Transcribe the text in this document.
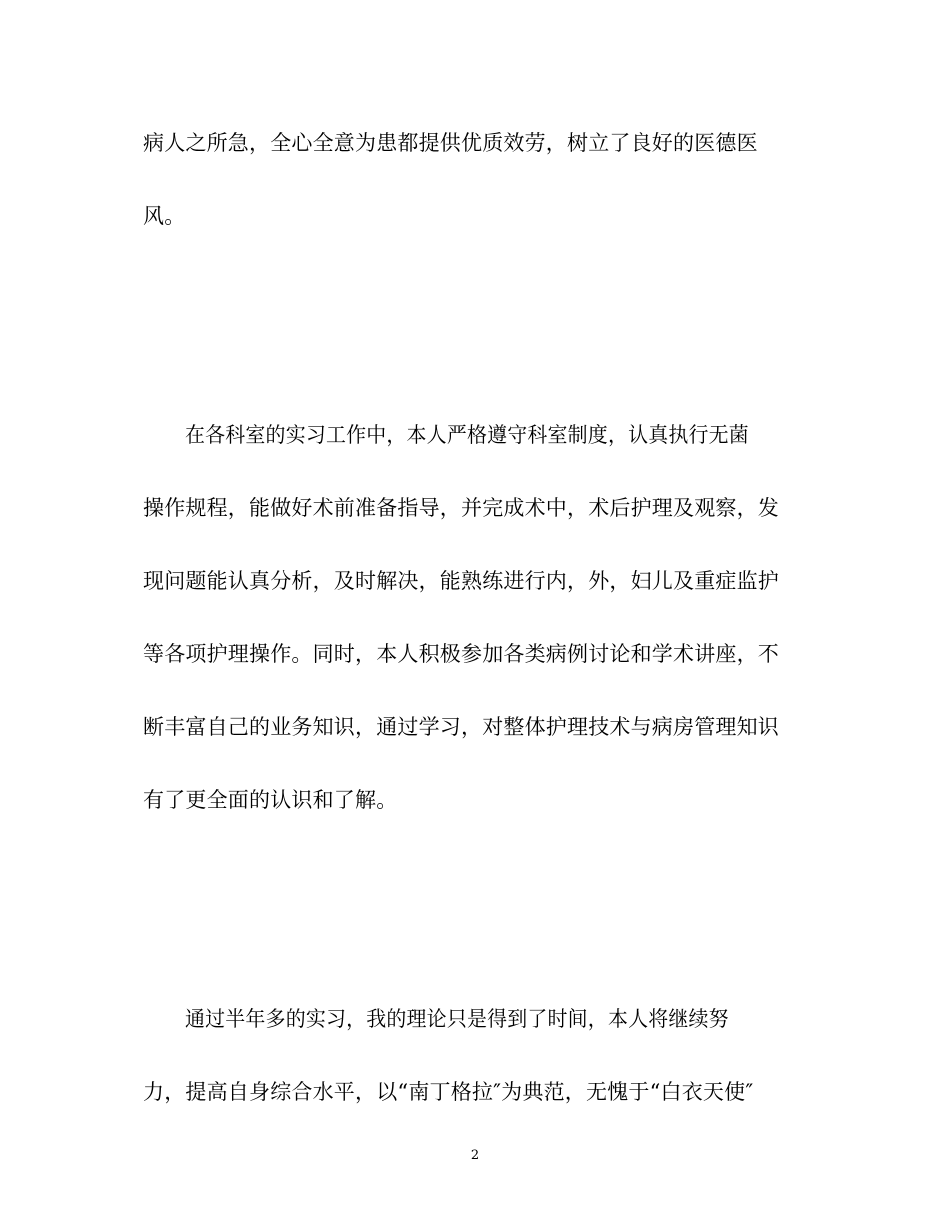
病人之所急，全心全意为患都提供优质效劳，树立了良好的医德医
风。
在各科室的实习工作中，本人严格遵守科室制度，认真执行无菌
操作规程，能做好术前准备指导，并完成术中，术后护理及观察，发
现问题能认真分析，及时解决，能熟练进行内，外，妇儿及重症监护
等各项护理操作。同时，本人积极参加各类病例讨论和学术讲座，不
断丰富自己的业务知识，通过学习，对整体护理技术与病房管理知识
有了更全面的认识和了解。
通过半年多的实习，我的理论只是得到了时间，本人将继续努
力，提高自身综合水平，以“南丁格拉″为典范，无愧于“白衣天使″
2
